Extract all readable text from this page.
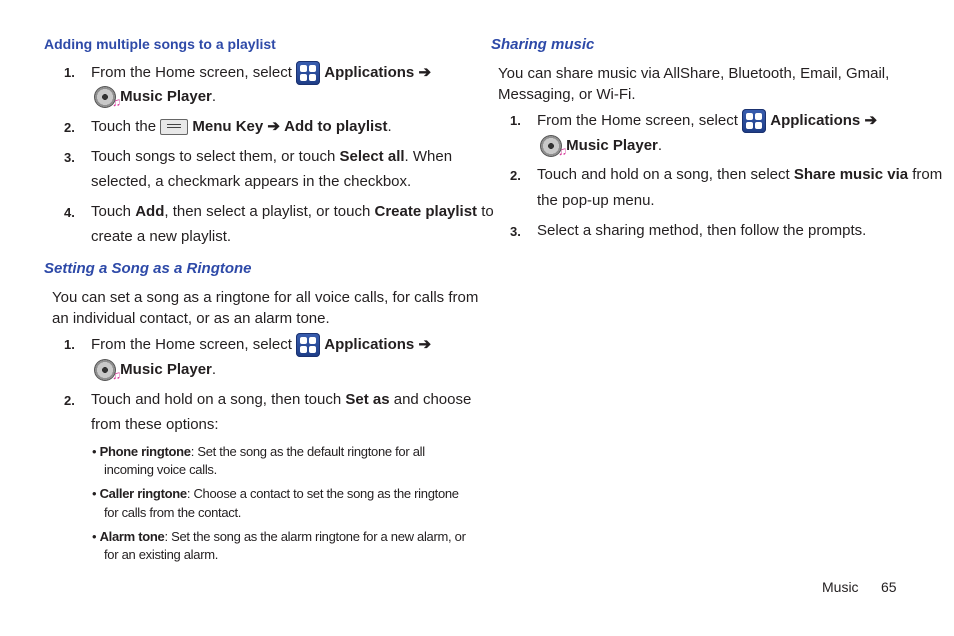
Adding multiple songs to a playlist
1. From the Home screen, select Applications ➔
♫ Music Player.
2. Touch the Menu Key ➔ Add to playlist.
3. Touch songs to select them, or touch Select all. When
selected, a checkmark appears in the checkbox.
4. Touch Add, then select a playlist, or touch Create playlist to
create a new playlist.
Setting a Song as a Ringtone
You can set a song as a ringtone for all voice calls, for calls from
an individual contact, or as an alarm tone.
1. From the Home screen, select Applications ➔
♫ Music Player.
2. Touch and hold on a song, then touch Set as and choose
from these options:
• Phone ringtone: Set the song as the default ringtone for all
incoming voice calls.
• Caller ringtone: Choose a contact to set the song as the ringtone
for calls from the contact.
• Alarm tone: Set the song as the alarm ringtone for a new alarm, or
for an existing alarm.
Sharing music
You can share music via AllShare, Bluetooth, Email, Gmail,
Messaging, or Wi-Fi.
1. From the Home screen, select Applications ➔
♫ Music Player.
2. Touch and hold on a song, then select Share music via from
the pop-up menu.
3. Select a sharing method, then follow the prompts.
Music 65
